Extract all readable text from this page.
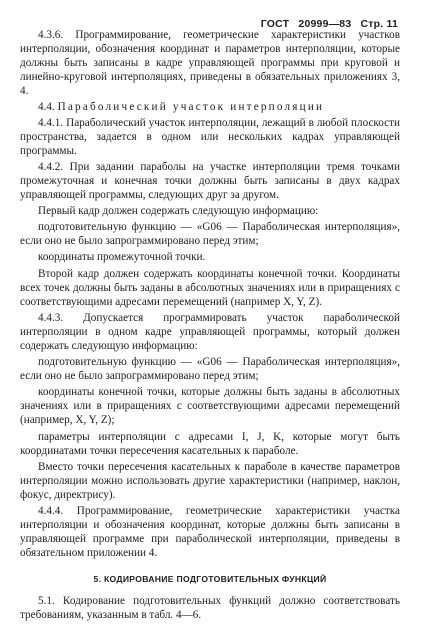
ГОСТ 20999—83 Стр. 11

4.3.6. Программирование, геометрические характеристики участков интерполяции, обозначения координат и параметров интерполяции, которые должны быть записаны в кадре управляющей программы при круговой и линейно-круговой интерполяциях, приведены в обязательных приложениях 3, 4.

4.4. Параболический участок интерполяции

4.4.1. Параболический участок интерполяции, лежащий в любой плоскости пространства, задается в одном или нескольких кадрах управляющей программы.

4.4.2. При задании параболы на участке интерполяции тремя точками промежуточная и конечная точки должны быть записаны в двух кадрах управляющей программы, следующих друг за другом.

Первый кадр должен содержать следующую информацию:

подготовительную функцию — «G06 — Параболическая интерполяция», если оно не было запрограммировано перед этим;

координаты промежуточной точки.

Второй кадр должен содержать координаты конечной точки. Координаты всех точек должны быть заданы в абсолютных значениях или в приращениях с соответствующими адресами перемещений (например X, Y, Z).

4.4.3. Допускается программировать участок параболической интерполяции в одном кадре управляющей программы, который должен содержать следующую информацию:

подготовительную функцию — «G06 — Параболическая интерполяция», если оно не было запрограммировано перед этим;

координаты конечной точки, которые должны быть заданы в абсолютных значениях или в приращениях с соответствующими адресами перемещений (например, X, Y, Z);

параметры интерполяции с адресами I, J, K, которые могут быть координатами точки пересечения касательных к параболе.

Вместо точки пересечения касательных к параболе в качестве параметров интерполяции можно использовать другие характеристики (например, наклон, фокус, директрису).

4.4.4. Программирование, геометрические характеристики участка интерполяции и обозначения координат, которые должны быть записаны в управляющей программе при параболической интерполяции, приведены в обязательном приложении 4.

5. КОДИРОВАНИЕ ПОДГОТОВИТЕЛЬНЫХ ФУНКЦИЙ

5.1. Кодирование подготовительных функций должно соответствовать требованиям, указанным в табл. 4—6.
